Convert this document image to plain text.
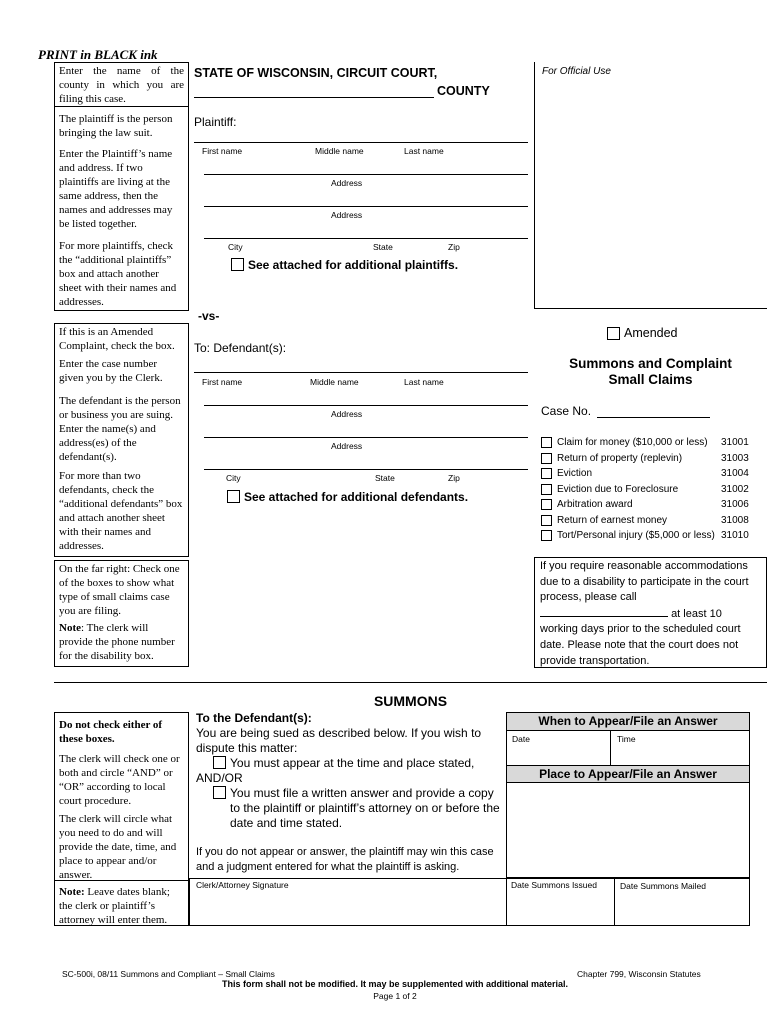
PRINT in BLACK ink
Enter the name of the county in which you are filing this case.
The plaintiff is the person bringing the law suit.
Enter the Plaintiff’s name and address. If two plaintiffs are living at the same address, then the names and addresses may be listed together.
For more plaintiffs, check the “additional plaintiffs” box and attach another sheet with their names and addresses.
If this is an Amended Complaint, check the box.
Enter the case number given you by the Clerk.
The defendant is the person or business you are suing. Enter the name(s) and address(es) of the defendant(s).
For more than two defendants, check the “additional defendants” box and attach another sheet with their names and addresses.
On the far right: Check one of the boxes to show what type of small claims case you are filing.
Note: The clerk will provide the phone number for the disability box.
STATE OF WISCONSIN, CIRCUIT COURT,
COUNTY
For Official Use
Plaintiff:
First name	Middle name	Last name
Address
Address
City	State	Zip
See attached for additional plaintiffs.
-vs-
To: Defendant(s):
First name	Middle name	Last name
Address
Address
City	State	Zip
See attached for additional defendants.
Amended
Summons and Complaint
Small Claims
Case No.
Claim for money ($10,000 or less) 31001
Return of property (replevin)	31003
Eviction	31004
Eviction due to Foreclosure	31002
Arbitration award	31006
Return of earnest money	31008
Tort/Personal injury ($5,000 or less) 31010
If you require reasonable accommodations due to a disability to participate in the court process, please call  at least 10 working days prior to the scheduled court date. Please note that the court does not provide transportation.
SUMMONS
Do not check either of these boxes.
The clerk will check one or both and circle “AND” or “OR” according to local court procedure.
The clerk will circle what you need to do and will provide the date, time, and place to appear and/or answer.
Note: Leave dates blank; the clerk or plaintiff’s attorney will enter them.
To the Defendant(s):
You are being sued as described below. If you wish to dispute this matter:
You must appear at the time and place stated,
AND/OR
You must file a written answer and provide a copy to the plaintiff or plaintiff’s attorney on or before the date and time stated.
If you do not appear or answer, the plaintiff may win this case and a judgment entered for what the plaintiff is asking.
When to Appear/File an Answer
Date	Time
Place to Appear/File an Answer
Clerk/Attorney Signature	Date Summons Issued	Date Summons Mailed
SC-500i, 08/11 Summons and Compliant – Small Claims	Chapter 799, Wisconsin Statutes
This form shall not be modified. It may be supplemented with additional material.
Page 1 of 2
